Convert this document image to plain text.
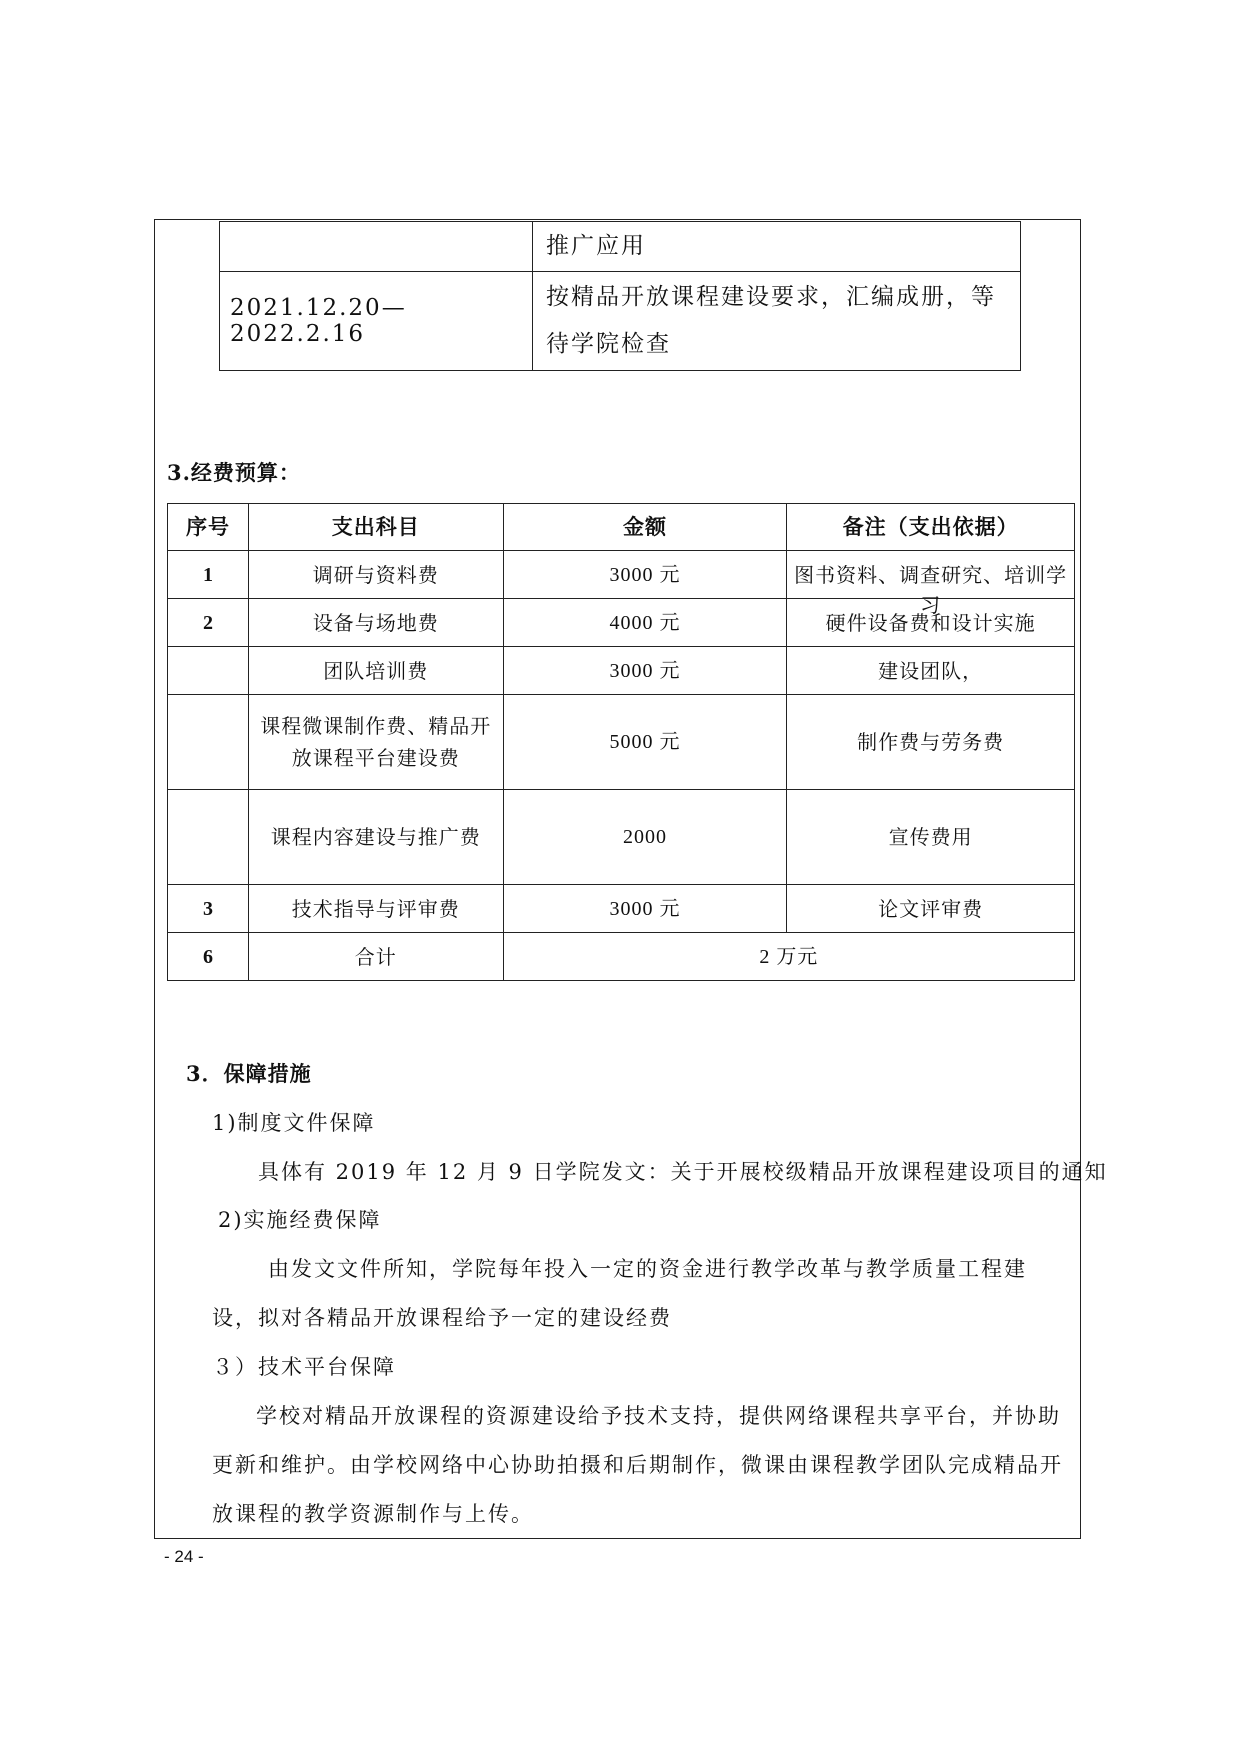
	推广应用
2021.12.20—2022.2.16	按精品开放课程建设要求，汇编成册，等待学院检查
3.经费预算：
序号	支出科目	金额	备注（支出依据）
1	调研与资料费	3000 元	图书资料、调查研究、培训学习

2	设备与场地费	4000 元	硬件设备费和设计实施
	团队培训费	3000 元	建设团队，
	课程微课制作费、精品开放课程平台建设费	5000 元	制作费与劳务费
	课程内容建设与推广费	2000	宣传费用
3	技术指导与评审费	3000 元	论文评审费
6	合计	2 万元	
3．保障措施
1)制度文件保障
具体有 2019 年 12 月 9 日学院发文：关于开展校级精品开放课程建设项目的通知
2)实施经费保障
由发文文件所知，学院每年投入一定的资金进行教学改革与教学质量工程建设，拟对各精品开放课程给予一定的建设经费
３）技术平台保障
学校对精品开放课程的资源建设给予技术支持，提供网络课程共享平台，并协助更新和维护。由学校网络中心协助拍摄和后期制作，微课由课程教学团队完成精品开放课程的教学资源制作与上传。
- 24 -
